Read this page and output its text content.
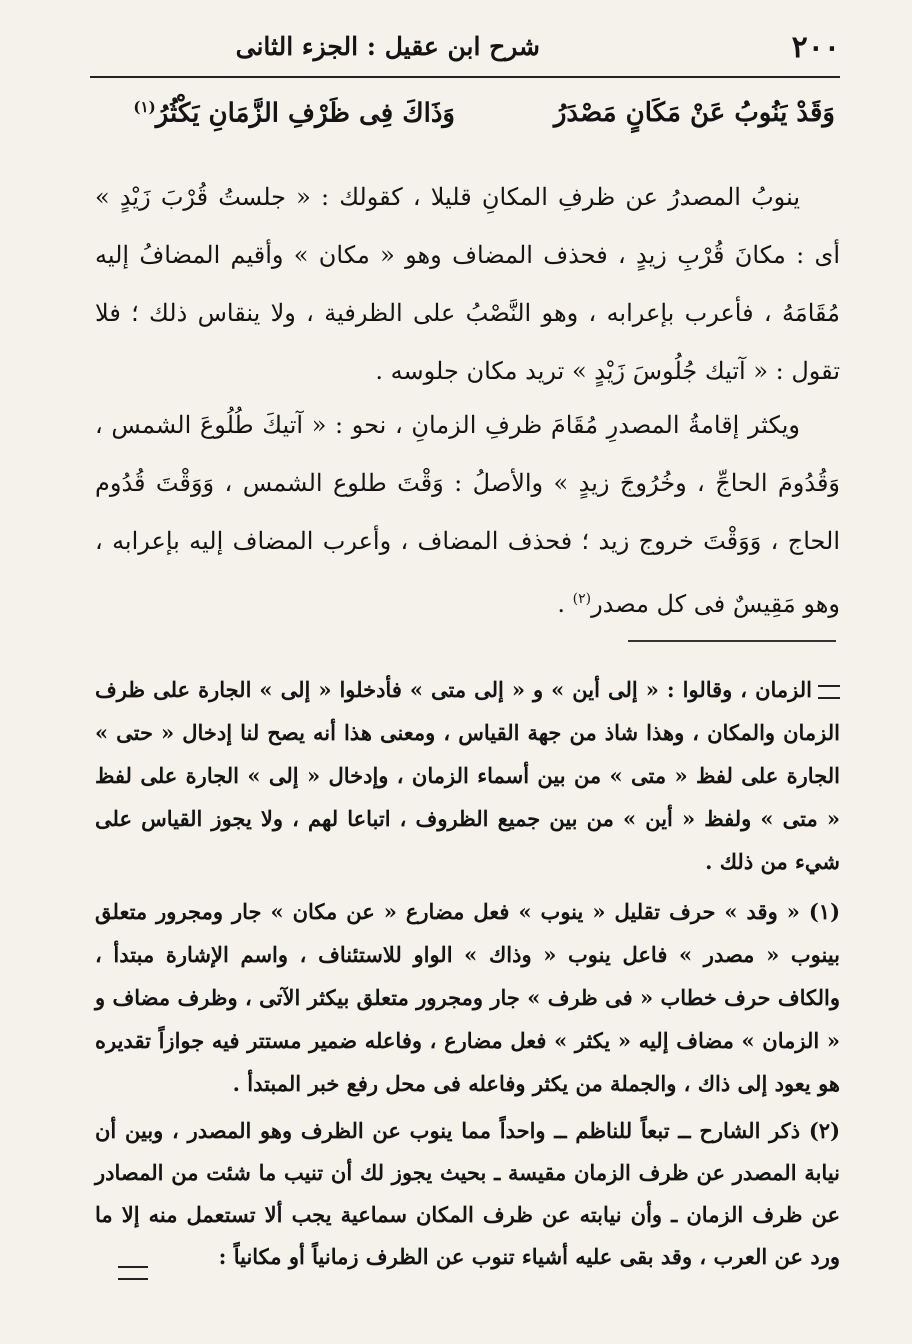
٢٠٠
شرح ابن عقيل : الجزء الثانى
وَقَدْ يَنُوبُ عَنْ مَكَانٍ مَصْدَرُ
وَذَاكَ فِى ظَرْفِ الزَّمَانِ يَكْثُرُ$^{(١)}$

ينوبُ المصدرُ عن ظرفِ المكانِ قليلا ، كقولك : « جلستُ قُرْبَ زَيْدٍ » أى : مكانَ قُرْبِ زيدٍ ، فحذف المضاف وهو « مكان » وأقيم المضافُ إليه مُقَامَهُ ، فأعرب بإعرابه ، وهو النَّصْبُ على الظرفية ، ولا ينقاس ذلك ؛ فلا تقول : « آتيك جُلُوسَ زَيْدٍ » تريد مكان جلوسه .

ويكثر إقامةُ المصدرِ مُقَامَ ظرفِ الزمانِ ، نحو : « آتيكَ طُلُوعَ الشمس ، وَقُدُومَ الحاجِّ ، وخُرُوجَ زيدٍ » والأصلُ : وَقْتَ طلوع الشمس ، وَوَقْتَ قُدُوم الحاج ، وَوَقْتَ خروج زيد ؛ فحذف المضاف ، وأعرب المضاف إليه بإعرابه ، وهو مَقِيسٌ فى كل مصدر$^{(٢)}$ .

الزمان ، وقالوا : « إلى أين » و « إلى متى » فأدخلوا « إلى » الجارة على ظرف الزمان والمكان ، وهذا شاذ من جهة القياس ، ومعنى هذا أنه يصح لنا إدخال « حتى » الجارة على لفظ « متى » من بين أسماء الزمان ، وإدخال « إلى » الجارة على لفظ « متى » ولفظ « أين » من بين جميع الظروف ، اتباعا لهم ، ولا يجوز القياس على شيء من ذلك .

(١) « وقد » حرف تقليل « ينوب » فعل مضارع « عن مكان » جار ومجرور متعلق بينوب « مصدر » فاعل ينوب « وذاك » الواو للاستئناف ، واسم الإشارة مبتدأ ، والكاف حرف خطاب « فى ظرف » جار ومجرور متعلق بيكثر الآتى ، وظرف مضاف و « الزمان » مضاف إليه « يكثر » فعل مضارع ، وفاعله ضمير مستتر فيه جوازاً تقديره هو يعود إلى ذاك ، والجملة من يكثر وفاعله فى محل رفع خبر المبتدأ .

(٢) ذكر الشارح ــ تبعاً للناظم ــ واحداً مما ينوب عن الظرف وهو المصدر ، وبين أن نيابة المصدر عن ظرف الزمان مقيسة ـ بحيث يجوز لك أن تنيب ما شئت من المصادر عن ظرف الزمان ـ وأن نيابته عن ظرف المكان سماعية يجب ألا تستعمل منه إلا ما ورد عن العرب ، وقد بقى عليه أشياء تنوب عن الظرف زمانياً أو مكانياً :
